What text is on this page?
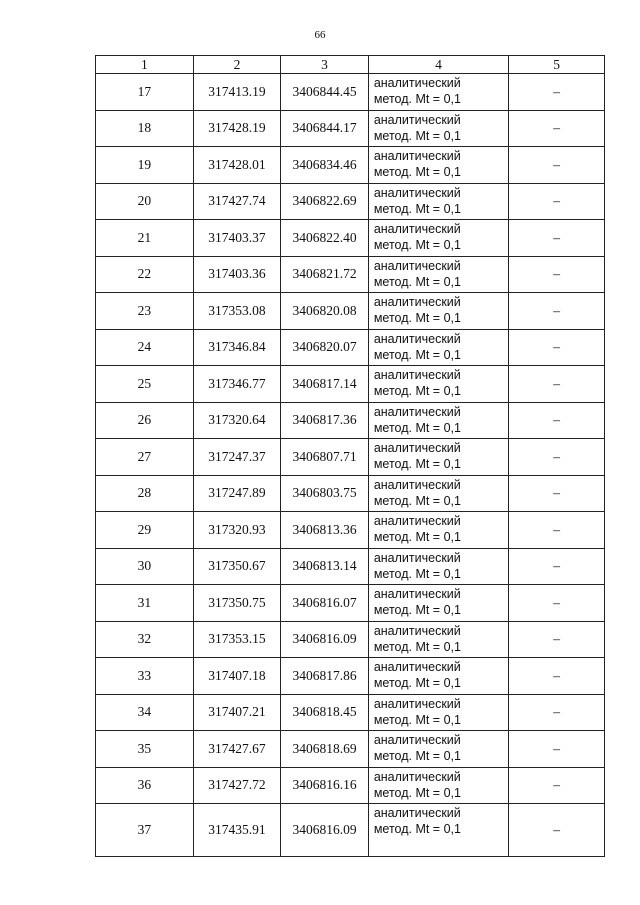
66
1	2	3	4	5
17	317413.19	3406844.45	аналитический
метод. Mt = 0,1	–
18	317428.19	3406844.17	аналитический
метод. Mt = 0,1	–
19	317428.01	3406834.46	аналитический
метод. Mt = 0,1	–
20	317427.74	3406822.69	аналитический
метод. Mt = 0,1	–
21	317403.37	3406822.40	аналитический
метод. Mt = 0,1	–
22	317403.36	3406821.72	аналитический
метод. Mt = 0,1	–
23	317353.08	3406820.08	аналитический
метод. Mt = 0,1	–
24	317346.84	3406820.07	аналитический
метод. Mt = 0,1	–
25	317346.77	3406817.14	аналитический
метод. Mt = 0,1	–
26	317320.64	3406817.36	аналитический
метод. Mt = 0,1	–
27	317247.37	3406807.71	аналитический
метод. Mt = 0,1	–
28	317247.89	3406803.75	аналитический
метод. Mt = 0,1	–
29	317320.93	3406813.36	аналитический
метод. Mt = 0,1	–
30	317350.67	3406813.14	аналитический
метод. Mt = 0,1	–
31	317350.75	3406816.07	аналитический
метод. Mt = 0,1	–
32	317353.15	3406816.09	аналитический
метод. Mt = 0,1	–
33	317407.18	3406817.86	аналитический
метод. Mt = 0,1	–
34	317407.21	3406818.45	аналитический
метод. Mt = 0,1	–
35	317427.67	3406818.69	аналитический
метод. Mt = 0,1	–
36	317427.72	3406816.16	аналитический
метод. Mt = 0,1	–
37	317435.91	3406816.09	аналитический
метод. Mt = 0,1	–
